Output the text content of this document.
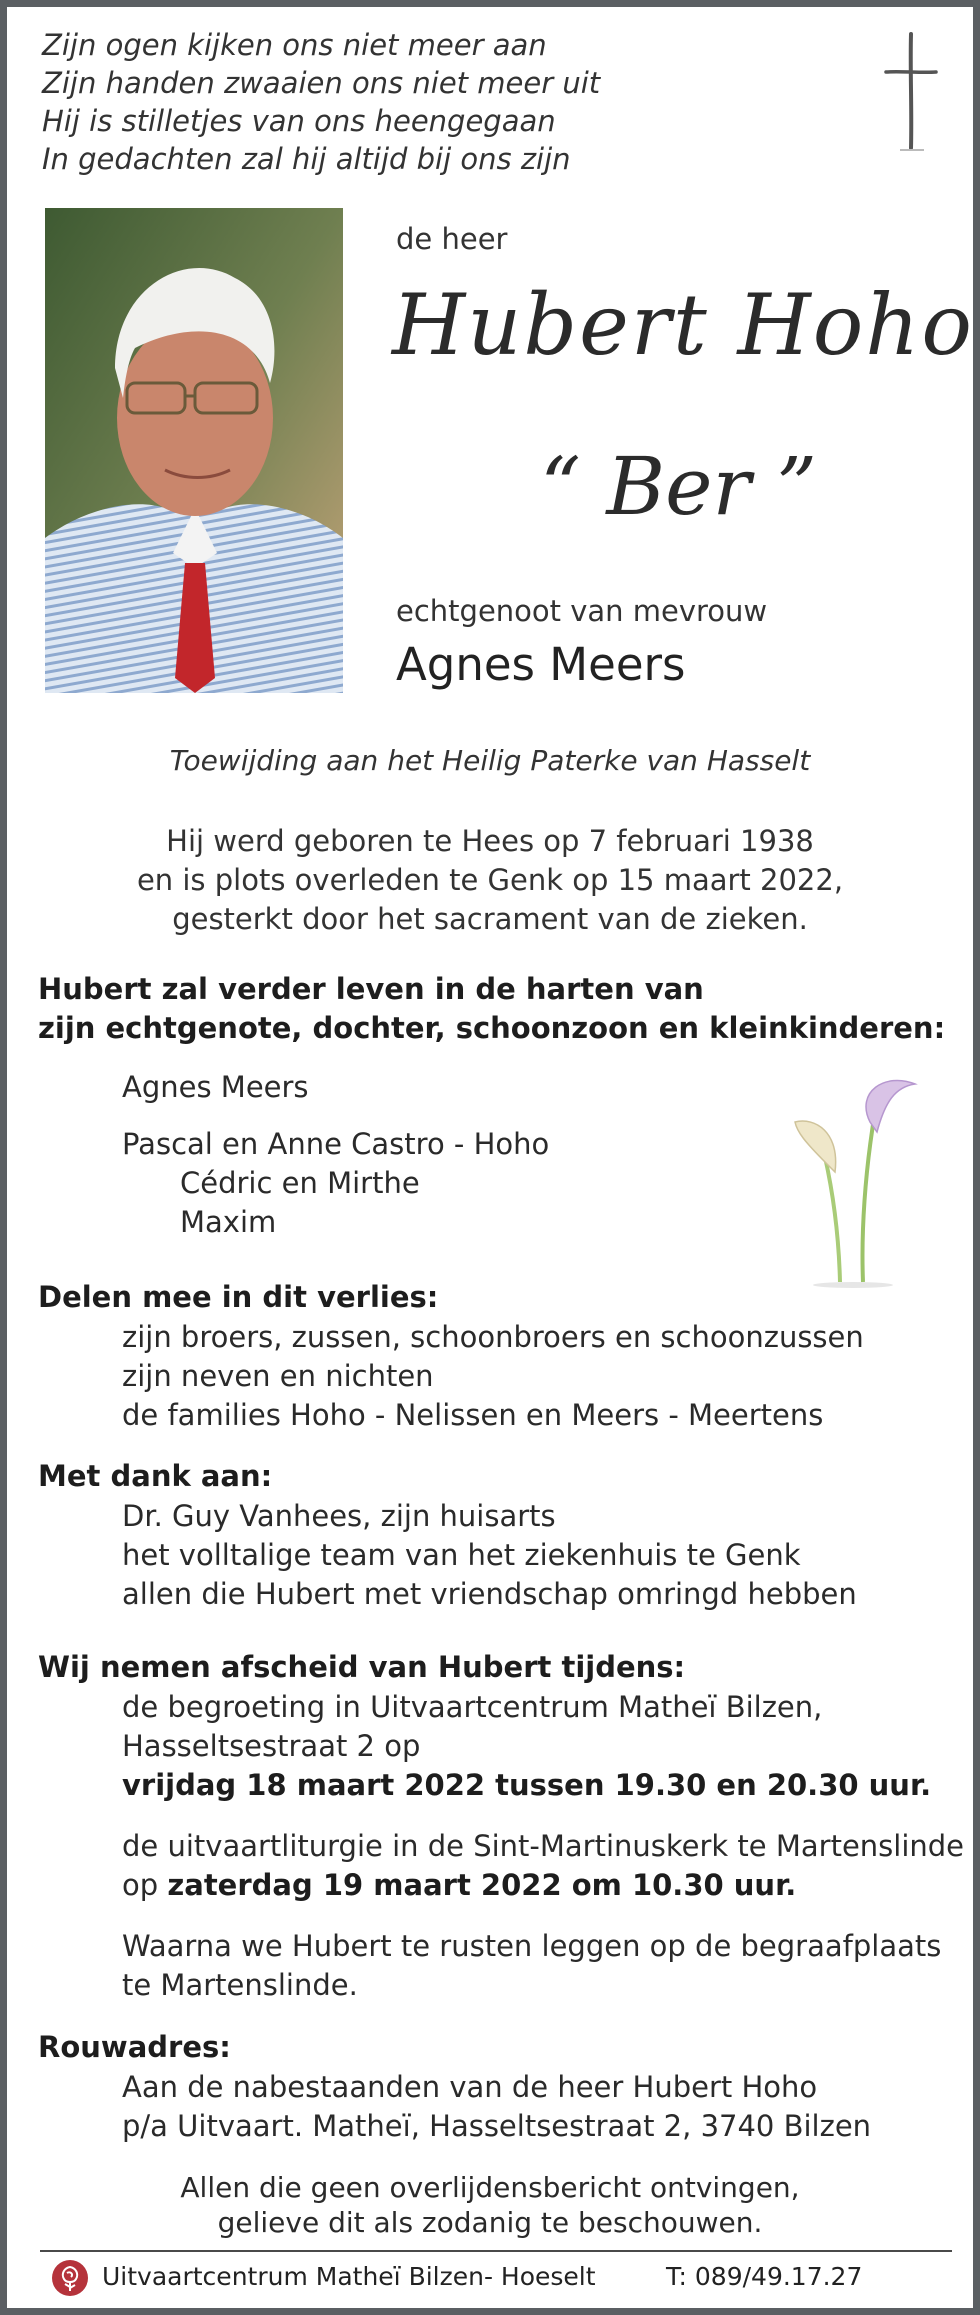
Zijn ogen kijken ons niet meer aan
Zijn handen zwaaien ons niet meer uit
Hij is stilletjes van ons heengegaan
In gedachten zal hij altijd bij ons zijn
de heer
Hubert Hoho
“ Ber ”
echtgenoot van mevrouw
Agnes Meers
Toewijding aan het Heilig Paterke van Hasselt
Hij werd geboren te Hees op 7 februari 1938
en is plots overleden te Genk op 15 maart 2022,
gesterkt door het sacrament van de zieken.
Hubert zal verder leven in de harten van
zijn echtgenote, dochter, schoonzoon en kleinkinderen:
Agnes Meers
Pascal en Anne Castro - Hoho
Cédric en Mirthe
Maxim
Delen mee in dit verlies:
zijn broers, zussen, schoonbroers en schoonzussen
zijn neven en nichten
de families Hoho - Nelissen en Meers - Meertens
Met dank aan:
Dr. Guy Vanhees, zijn huisarts
het volltalige team van het ziekenhuis te Genk
allen die Hubert met vriendschap omringd hebben
Wij nemen afscheid van Hubert tijdens:
de begroeting in Uitvaartcentrum Matheï Bilzen,
Hasseltsestraat 2 op
vrijdag 18 maart 2022 tussen 19.30 en 20.30 uur.
de uitvaartliturgie in de Sint-Martinuskerk te Martenslinde
op zaterdag 19 maart 2022 om 10.30 uur.
Waarna we Hubert te rusten leggen op de begraafplaats
te Martenslinde.
Rouwadres:
Aan de nabestaanden van de heer Hubert Hoho
p/a Uitvaart. Matheï, Hasseltsestraat 2, 3740 Bilzen
Allen die geen overlijdensbericht ontvingen,
gelieve dit als zodanig te beschouwen.
Uitvaartcentrum Matheï Bilzen- Hoeselt	T: 089/49.17.27
